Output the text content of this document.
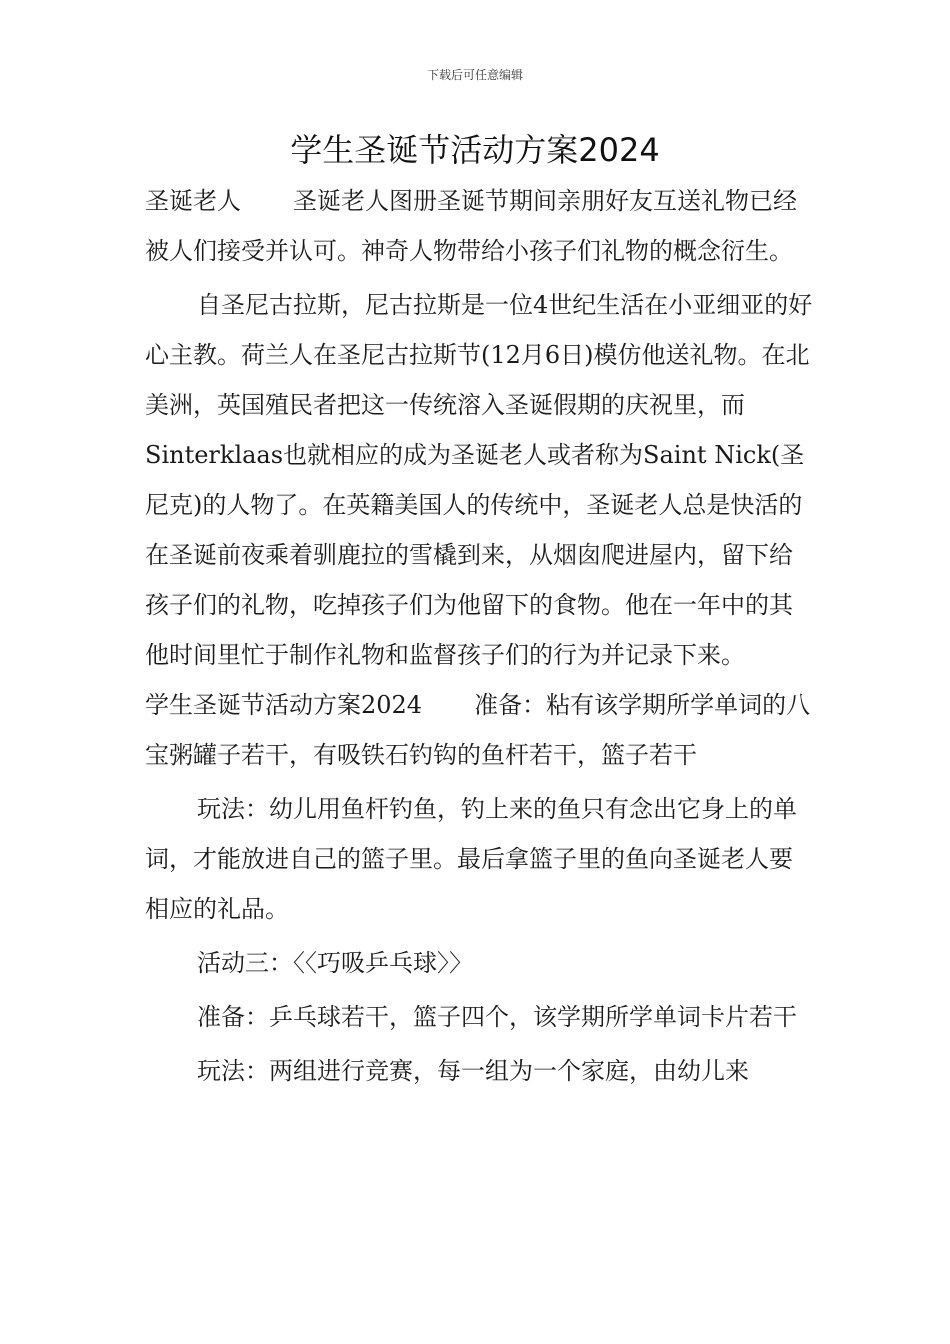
下载后可任意编辑
学生圣诞节活动方案2024

圣诞老人 圣诞老人图册圣诞节期间亲朋好友互送礼物已经被人们接受并认可。神奇人物带给小孩子们礼物的概念衍生。

自圣尼古拉斯，尼古拉斯是一位4世纪生活在小亚细亚的好心主教。荷兰人在圣尼古拉斯节(12月6日)模仿他送礼物。在北美洲，英国殖民者把这一传统溶入圣诞假期的庆祝里，而Sinterklaas也就相应的成为圣诞老人或者称为Saint Nick(圣尼克)的人物了。在英籍美国人的传统中，圣诞老人总是快活的在圣诞前夜乘着驯鹿拉的雪橇到来，从烟囱爬进屋内，留下给孩子们的礼物，吃掉孩子们为他留下的食物。他在一年中的其他时间里忙于制作礼物和监督孩子们的行为并记录下来。

学生圣诞节活动方案2024 准备：粘有该学期所学单词的八宝粥罐子若干，有吸铁石钓钩的鱼杆若干，篮子若干

玩法：幼儿用鱼杆钓鱼，钓上来的鱼只有念出它身上的单词，才能放进自己的篮子里。最后拿篮子里的鱼向圣诞老人要相应的礼品。

活动三：〈〈巧吸乒乓球〉〉

准备：乒乓球若干，篮子四个，该学期所学单词卡片若干

玩法：两组进行竞赛，每一组为一个家庭，由幼儿来
